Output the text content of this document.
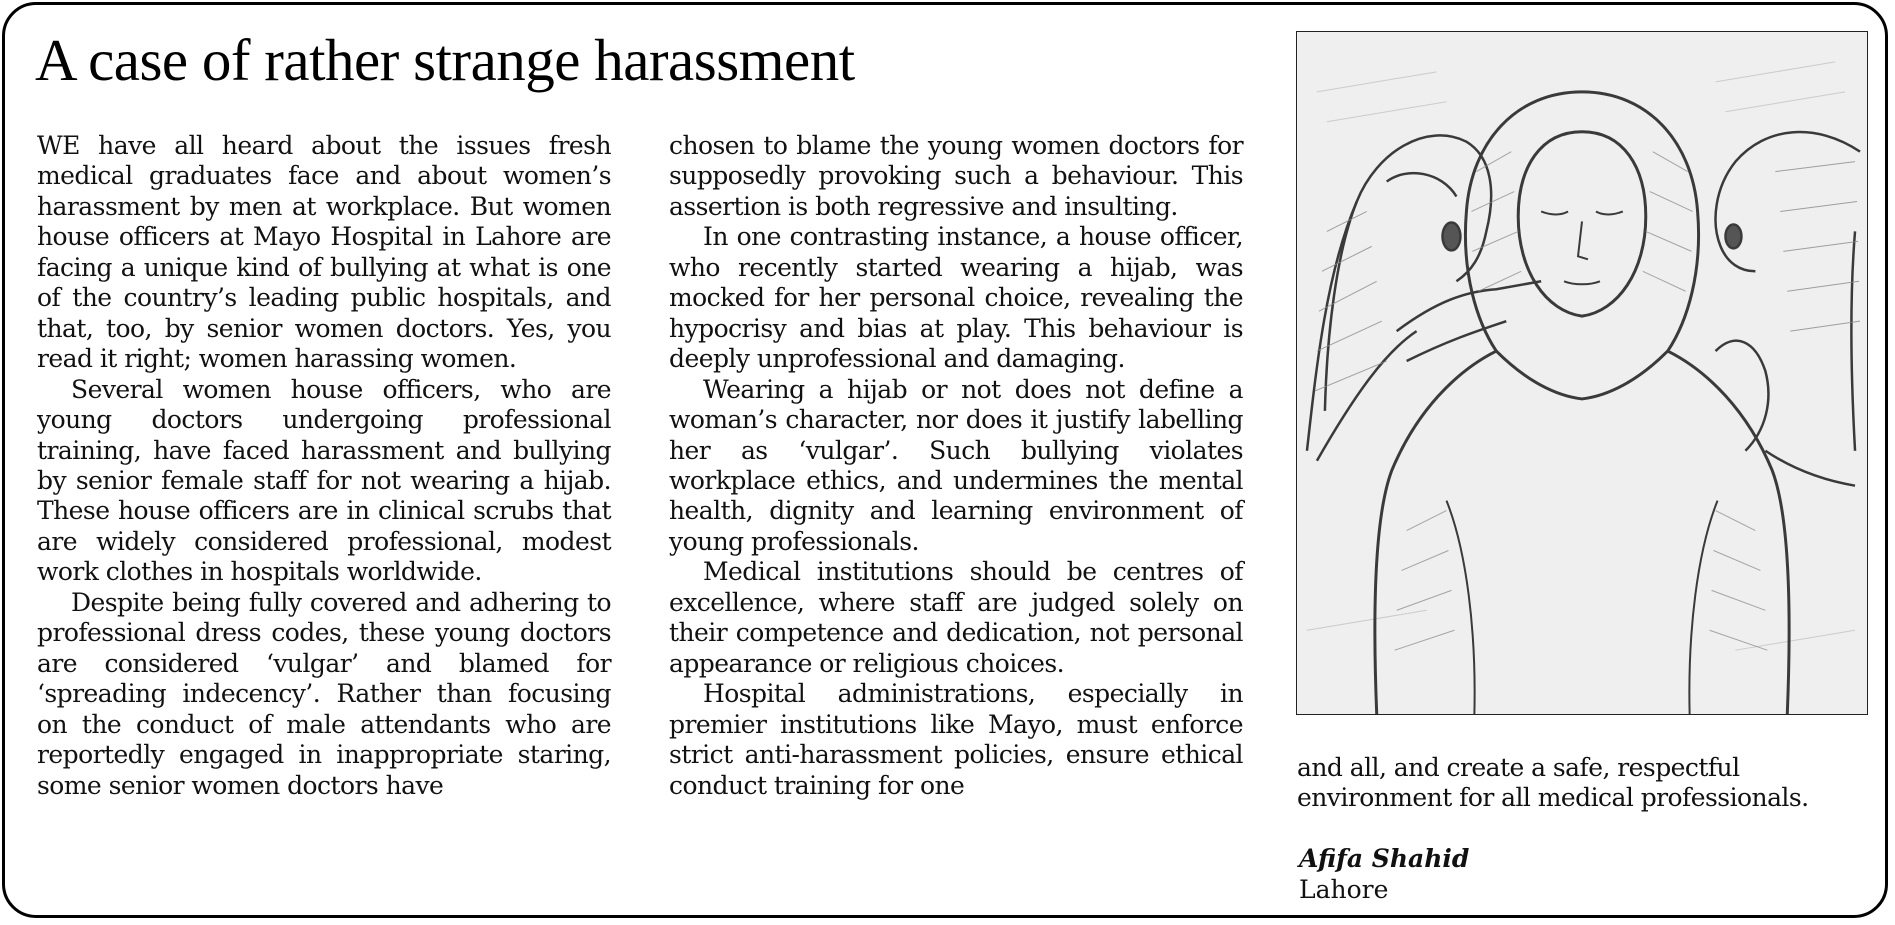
A case of rather strange harassment

WE have all heard about the issues fresh medical graduates face and about women’s harassment by men at workplace. But women house officers at Mayo Hospital in Lahore are facing a unique kind of bullying at what is one of the country’s leading public hospitals, and that, too, by senior women doctors. Yes, you read it right; women harassing women.

Several women house officers, who are young doctors undergoing professional training, have faced harassment and bullying by senior female staff for not wearing a hijab. These house officers are in clinical scrubs that are widely considered professional, modest work clothes in hospitals worldwide.

Despite being fully covered and adhering to professional dress codes, these young doctors are considered ‘vulgar’ and blamed for ‘spreading indecency’. Rather than focusing on the conduct of male attendants who are reportedly engaged in inappropriate staring, some senior women doctors have

chosen to blame the young women doctors for supposedly provoking such a behaviour. This assertion is both regressive and insulting.

In one contrasting instance, a house officer, who recently started wearing a hijab, was mocked for her personal choice, revealing the hypocrisy and bias at play. This behaviour is deeply unprofessional and damaging.

Wearing a hijab or not does not define a woman’s character, nor does it justify labelling her as ‘vulgar’. Such bullying violates workplace ethics, and undermines the mental health, dignity and learning environment of young professionals.

Medical institutions should be centres of excellence, where staff are judged solely on their competence and dedication, not personal appearance or religious choices.

Hospital administrations, especially in premier institutions like Mayo, must enforce strict anti-harassment policies, ensure ethical conduct training for one

and all, and create a safe, respectful environment for all medical professionals.

Afifa Shahid
Lahore
